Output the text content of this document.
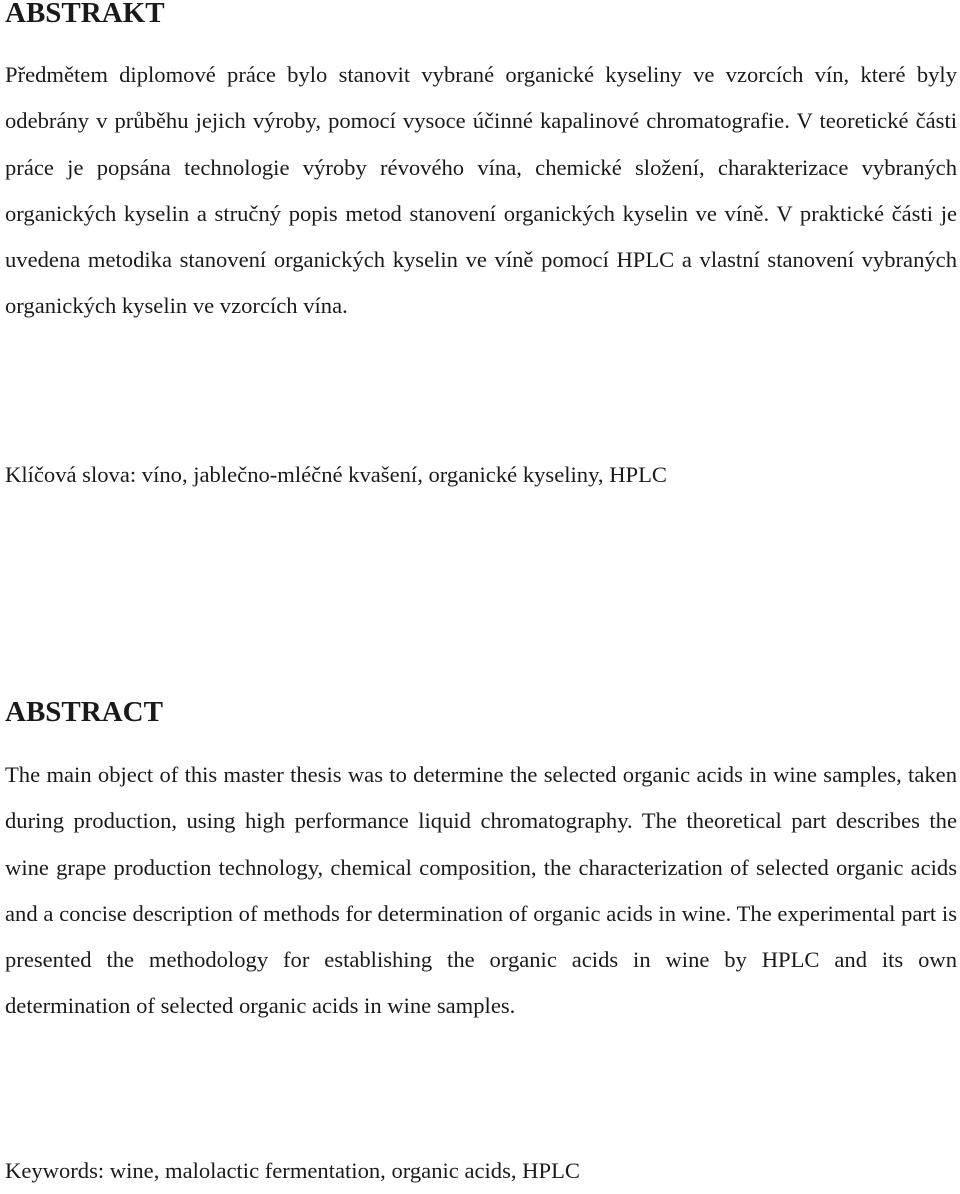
ABSTRAKT

Předmětem diplomové práce bylo stanovit vybrané organické kyseliny ve vzorcích vín, které byly odebrány v průběhu jejich výroby, pomocí vysoce účinné kapalinové chromatografie. V teoretické části práce je popsána technologie výroby révového vína, chemické složení, charakterizace vybraných organických kyselin a stručný popis metod stanovení organických kyselin ve víně. V praktické části je uvedena metodika stanovení organických kyselin ve víně pomocí HPLC a vlastní stanovení vybraných organických kyselin ve vzorcích vína.

Klíčová slova: víno, jablečno-mléčné kvašení, organické kyseliny, HPLC

ABSTRACT

The main object of this master thesis was to determine the selected organic acids in wine samples, taken during production, using high performance liquid chromatography. The theoretical part describes the wine grape production technology, chemical composition, the characterization of selected organic acids and a concise description of methods for determination of organic acids in wine. The experimental part is presented the methodology for establishing the organic acids in wine by HPLC and its own determination of selected organic acids in wine samples.

Keywords: wine, malolactic fermentation, organic acids, HPLC
